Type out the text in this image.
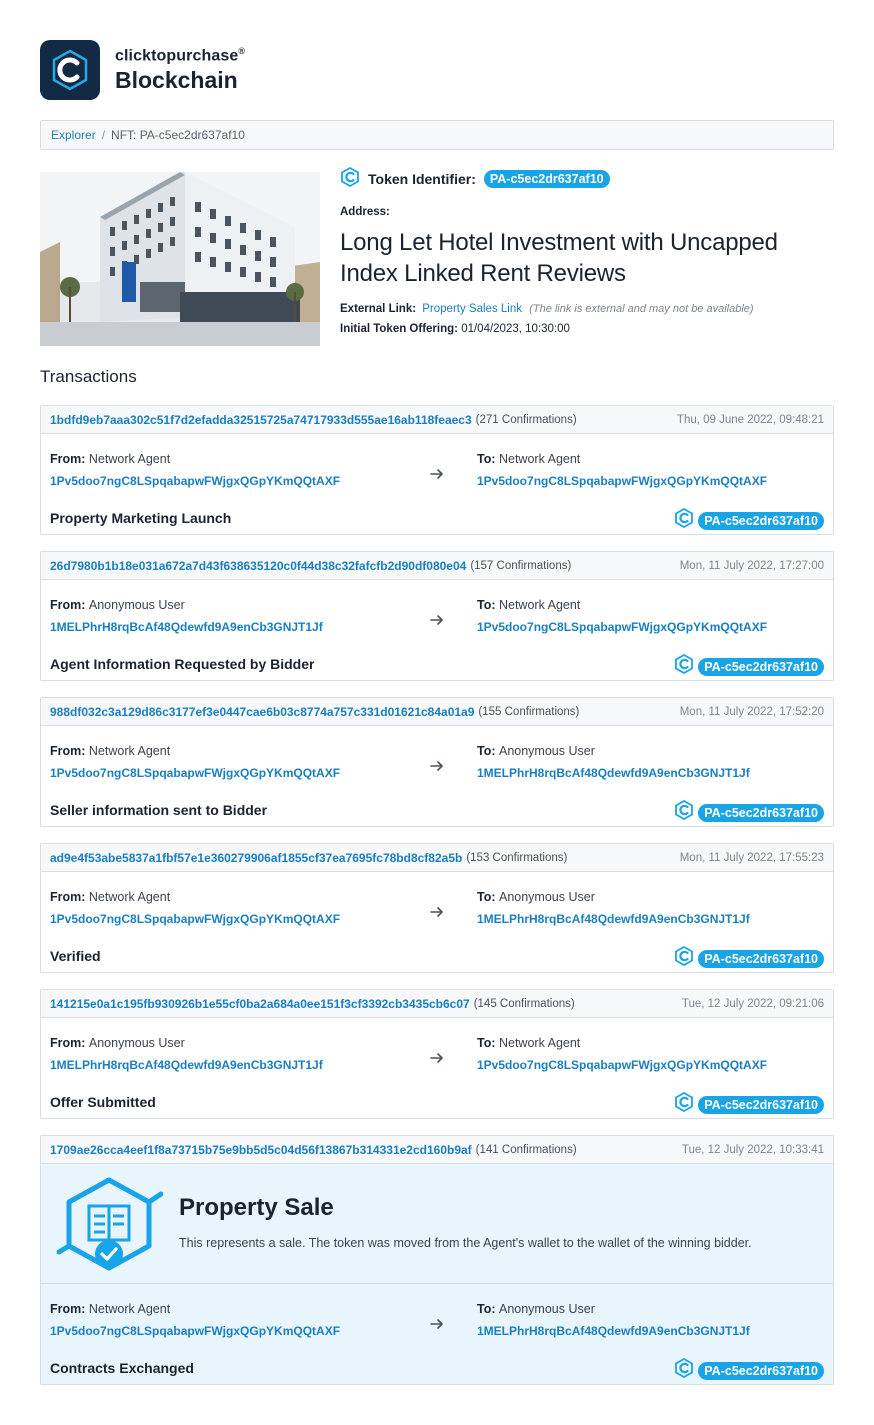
clicktopurchase®
Blockchain
Explorer / NFT: PA-c5ec2dr637af10
Token Identifier:	PA-c5ec2dr637af10
Address:
Long Let Hotel Investment with Uncapped Index Linked Rent Reviews
External Link: Property Sales Link (The link is external and may not be available)
Initial Token Offering: 01/04/2023, 10:30:00
Transactions
1bdfd9eb7aaa302c51f7d2efadda32515725a74717933d555ae16ab118feaec3 (271 Confirmations)	Thu, 09 June 2022, 09:48:21
From: Network Agent
1Pv5doo7ngC8LSpqabapwFWjgxQGpYKmQQtAXF
To: Network Agent
1Pv5doo7ngC8LSpqabapwFWjgxQGpYKmQQtAXF
Property Marketing Launch	PA-c5ec2dr637af10
26d7980b1b18e031a672a7d43f638635120c0f44d38c32fafcfb2d90df080e04 (157 Confirmations)	Mon, 11 July 2022, 17:27:00
From: Anonymous User
1MELPhrH8rqBcAf48Qdewfd9A9enCb3GNJT1Jf
To: Network Agent
1Pv5doo7ngC8LSpqabapwFWjgxQGpYKmQQtAXF
Agent Information Requested by Bidder	PA-c5ec2dr637af10
988df032c3a129d86c3177ef3e0447cae6b03c8774a757c331d01621c84a01a9 (155 Confirmations)	Mon, 11 July 2022, 17:52:20
From: Network Agent
1Pv5doo7ngC8LSpqabapwFWjgxQGpYKmQQtAXF
To: Anonymous User
1MELPhrH8rqBcAf48Qdewfd9A9enCb3GNJT1Jf
Seller information sent to Bidder	PA-c5ec2dr637af10
ad9e4f53abe5837a1fbf57e1e360279906af1855cf37ea7695fc78bd8cf82a5b (153 Confirmations)	Mon, 11 July 2022, 17:55:23
From: Network Agent
1Pv5doo7ngC8LSpqabapwFWjgxQGpYKmQQtAXF
To: Anonymous User
1MELPhrH8rqBcAf48Qdewfd9A9enCb3GNJT1Jf
Verified	PA-c5ec2dr637af10
141215e0a1c195fb930926b1e55cf0ba2a684a0ee151f3cf3392cb3435cb6c07 (145 Confirmations)	Tue, 12 July 2022, 09:21:06
From: Anonymous User
1MELPhrH8rqBcAf48Qdewfd9A9enCb3GNJT1Jf
To: Network Agent
1Pv5doo7ngC8LSpqabapwFWjgxQGpYKmQQtAXF
Offer Submitted	PA-c5ec2dr637af10
1709ae26cca4eef1f8a73715b75e9bb5d5c04d56f13867b314331e2cd160b9af (141 Confirmations)	Tue, 12 July 2022, 10:33:41
Property Sale
This represents a sale. The token was moved from the Agent's wallet to the wallet of the winning bidder.
From: Network Agent
1Pv5doo7ngC8LSpqabapwFWjgxQGpYKmQQtAXF
To: Anonymous User
1MELPhrH8rqBcAf48Qdewfd9A9enCb3GNJT1Jf
Contracts Exchanged	PA-c5ec2dr637af10
